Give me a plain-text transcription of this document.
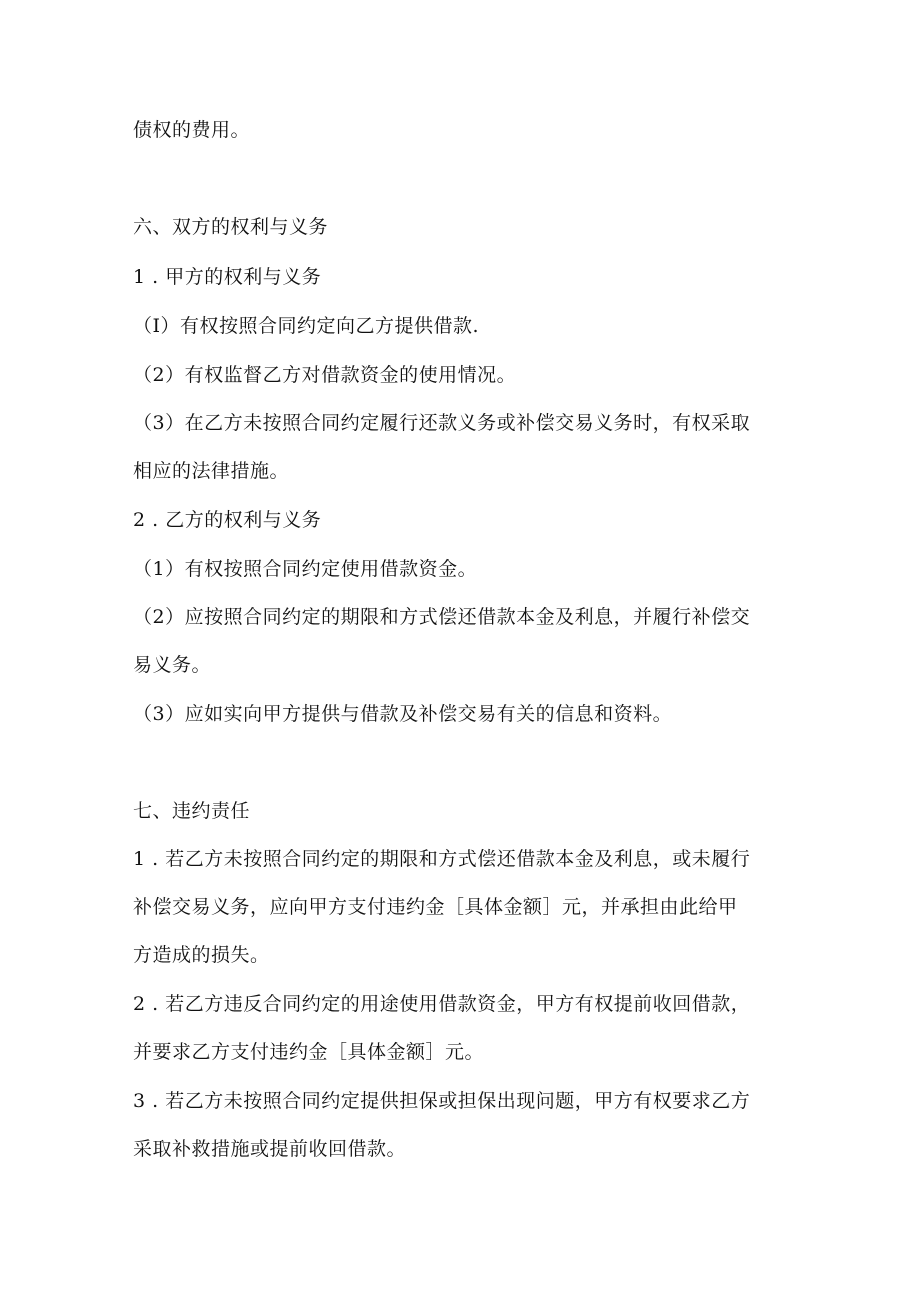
债权的费用。
六、双方的权利与义务
1 . 甲方的权利与义务
（I）有权按照合同约定向乙方提供借款.
（2）有权监督乙方对借款资金的使用情况。
（3）在乙方未按照合同约定履行还款义务或补偿交易义务时，有权采取
相应的法律措施。
2 . 乙方的权利与义务
（1）有权按照合同约定使用借款资金。
（2）应按照合同约定的期限和方式偿还借款本金及利息，并履行补偿交
易义务。
（3）应如实向甲方提供与借款及补偿交易有关的信息和资料。
七、违约责任
1 . 若乙方未按照合同约定的期限和方式偿还借款本金及利息，或未履行
补偿交易义务，应向甲方支付违约金［具体金额］元，并承担由此给甲
方造成的损失。
2 . 若乙方违反合同约定的用途使用借款资金，甲方有权提前收回借款，
并要求乙方支付违约金［具体金额］元。
3 . 若乙方未按照合同约定提供担保或担保出现问题，甲方有权要求乙方
采取补救措施或提前收回借款。
